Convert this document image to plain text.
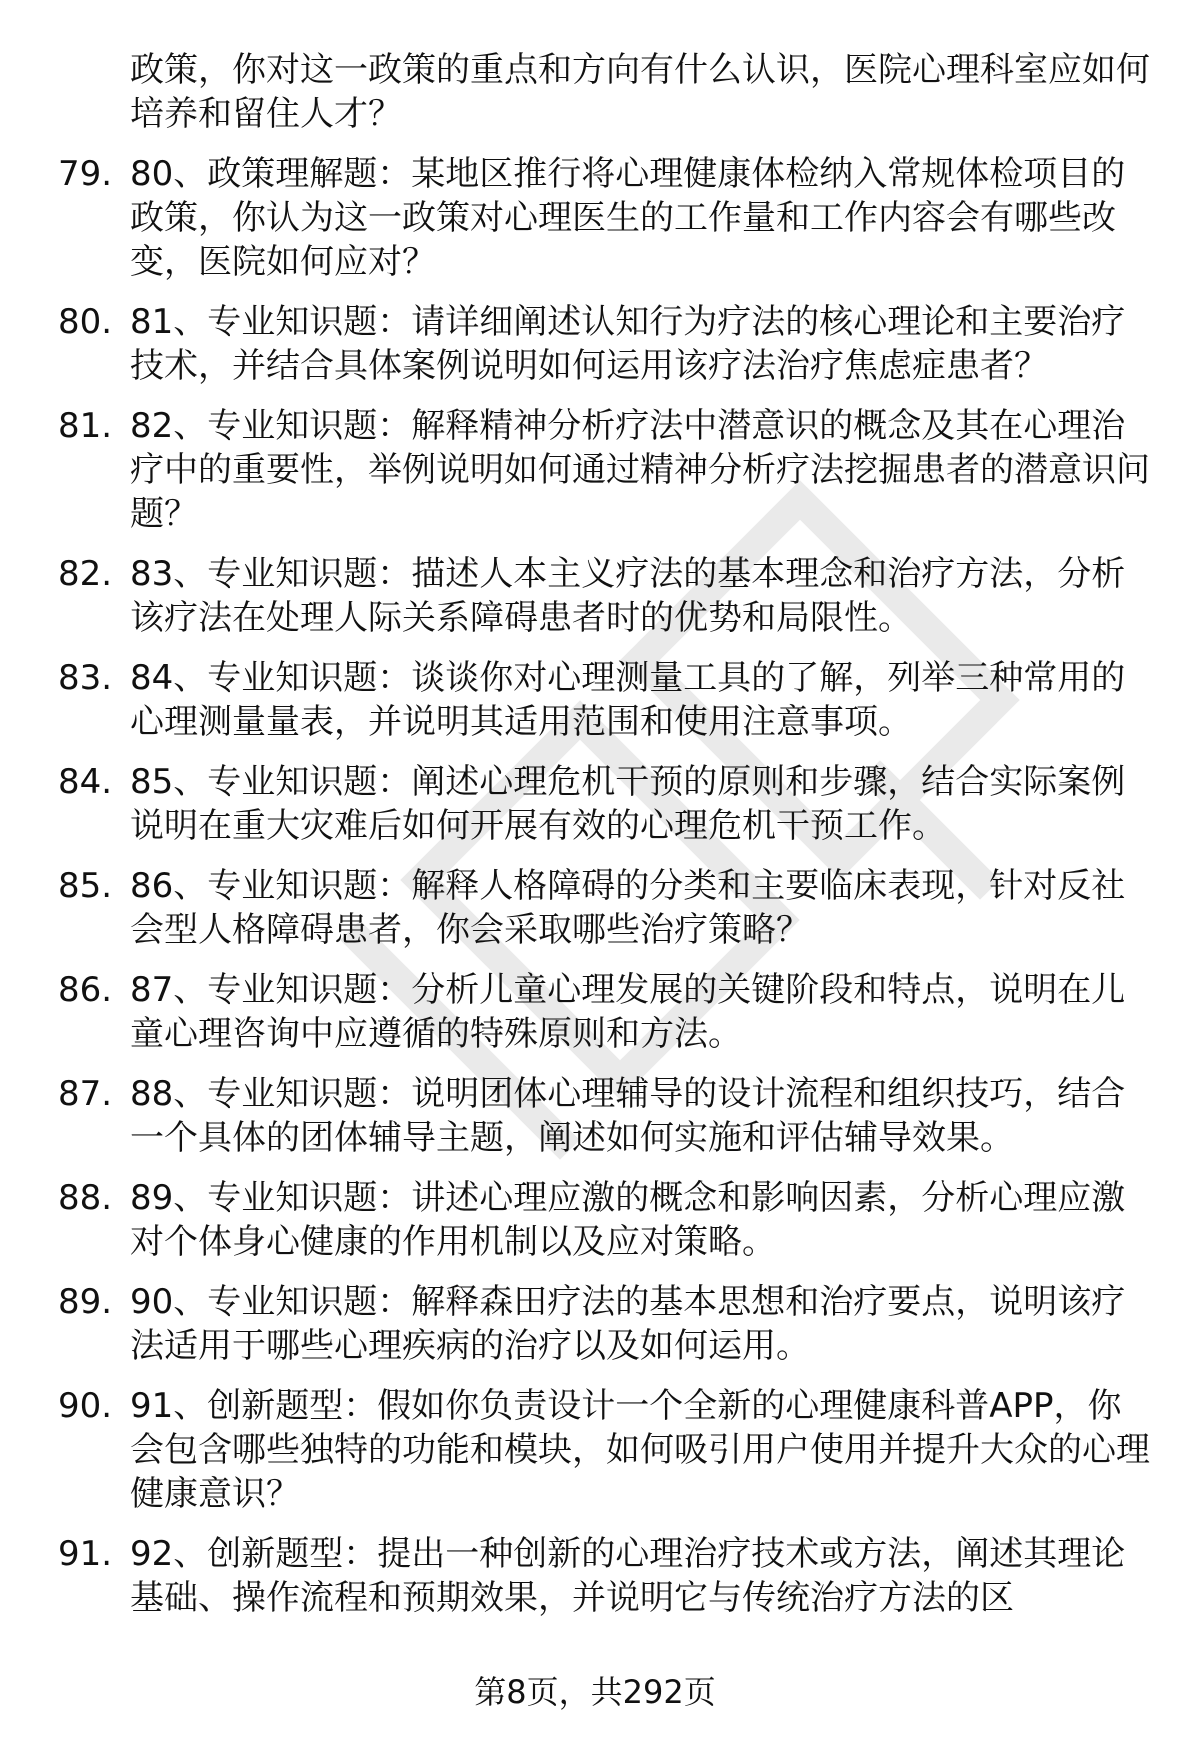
政策，你对这一政策的重点和方向有什么认识，医院心理科室应如何培养和留住人才？
79. 80、政策理解题：某地区推行将心理健康体检纳入常规体检项目的政策，你认为这一政策对心理医生的工作量和工作内容会有哪些改变，医院如何应对？
80. 81、专业知识题：请详细阐述认知行为疗法的核心理论和主要治疗技术，并结合具体案例说明如何运用该疗法治疗焦虑症患者？
81. 82、专业知识题：解释精神分析疗法中潜意识的概念及其在心理治疗中的重要性，举例说明如何通过精神分析疗法挖掘患者的潜意识问题？
82. 83、专业知识题：描述人本主义疗法的基本理念和治疗方法，分析该疗法在处理人际关系障碍患者时的优势和局限性。
83. 84、专业知识题：谈谈你对心理测量工具的了解，列举三种常用的心理测量量表，并说明其适用范围和使用注意事项。
84. 85、专业知识题：阐述心理危机干预的原则和步骤，结合实际案例说明在重大灾难后如何开展有效的心理危机干预工作。
85. 86、专业知识题：解释人格障碍的分类和主要临床表现，针对反社会型人格障碍患者，你会采取哪些治疗策略？
86. 87、专业知识题：分析儿童心理发展的关键阶段和特点，说明在儿童心理咨询中应遵循的特殊原则和方法。
87. 88、专业知识题：说明团体心理辅导的设计流程和组织技巧，结合一个具体的团体辅导主题，阐述如何实施和评估辅导效果。
88. 89、专业知识题：讲述心理应激的概念和影响因素，分析心理应激对个体身心健康的作用机制以及应对策略。
89. 90、专业知识题：解释森田疗法的基本思想和治疗要点，说明该疗法适用于哪些心理疾病的治疗以及如何运用。
90. 91、创新题型：假如你负责设计一个全新的心理健康科普APP，你会包含哪些独特的功能和模块，如何吸引用户使用并提升大众的心理健康意识？
91. 92、创新题型：提出一种创新的心理治疗技术或方法，阐述其理论基础、操作流程和预期效果，并说明它与传统治疗方法的区
第8页，共292页
